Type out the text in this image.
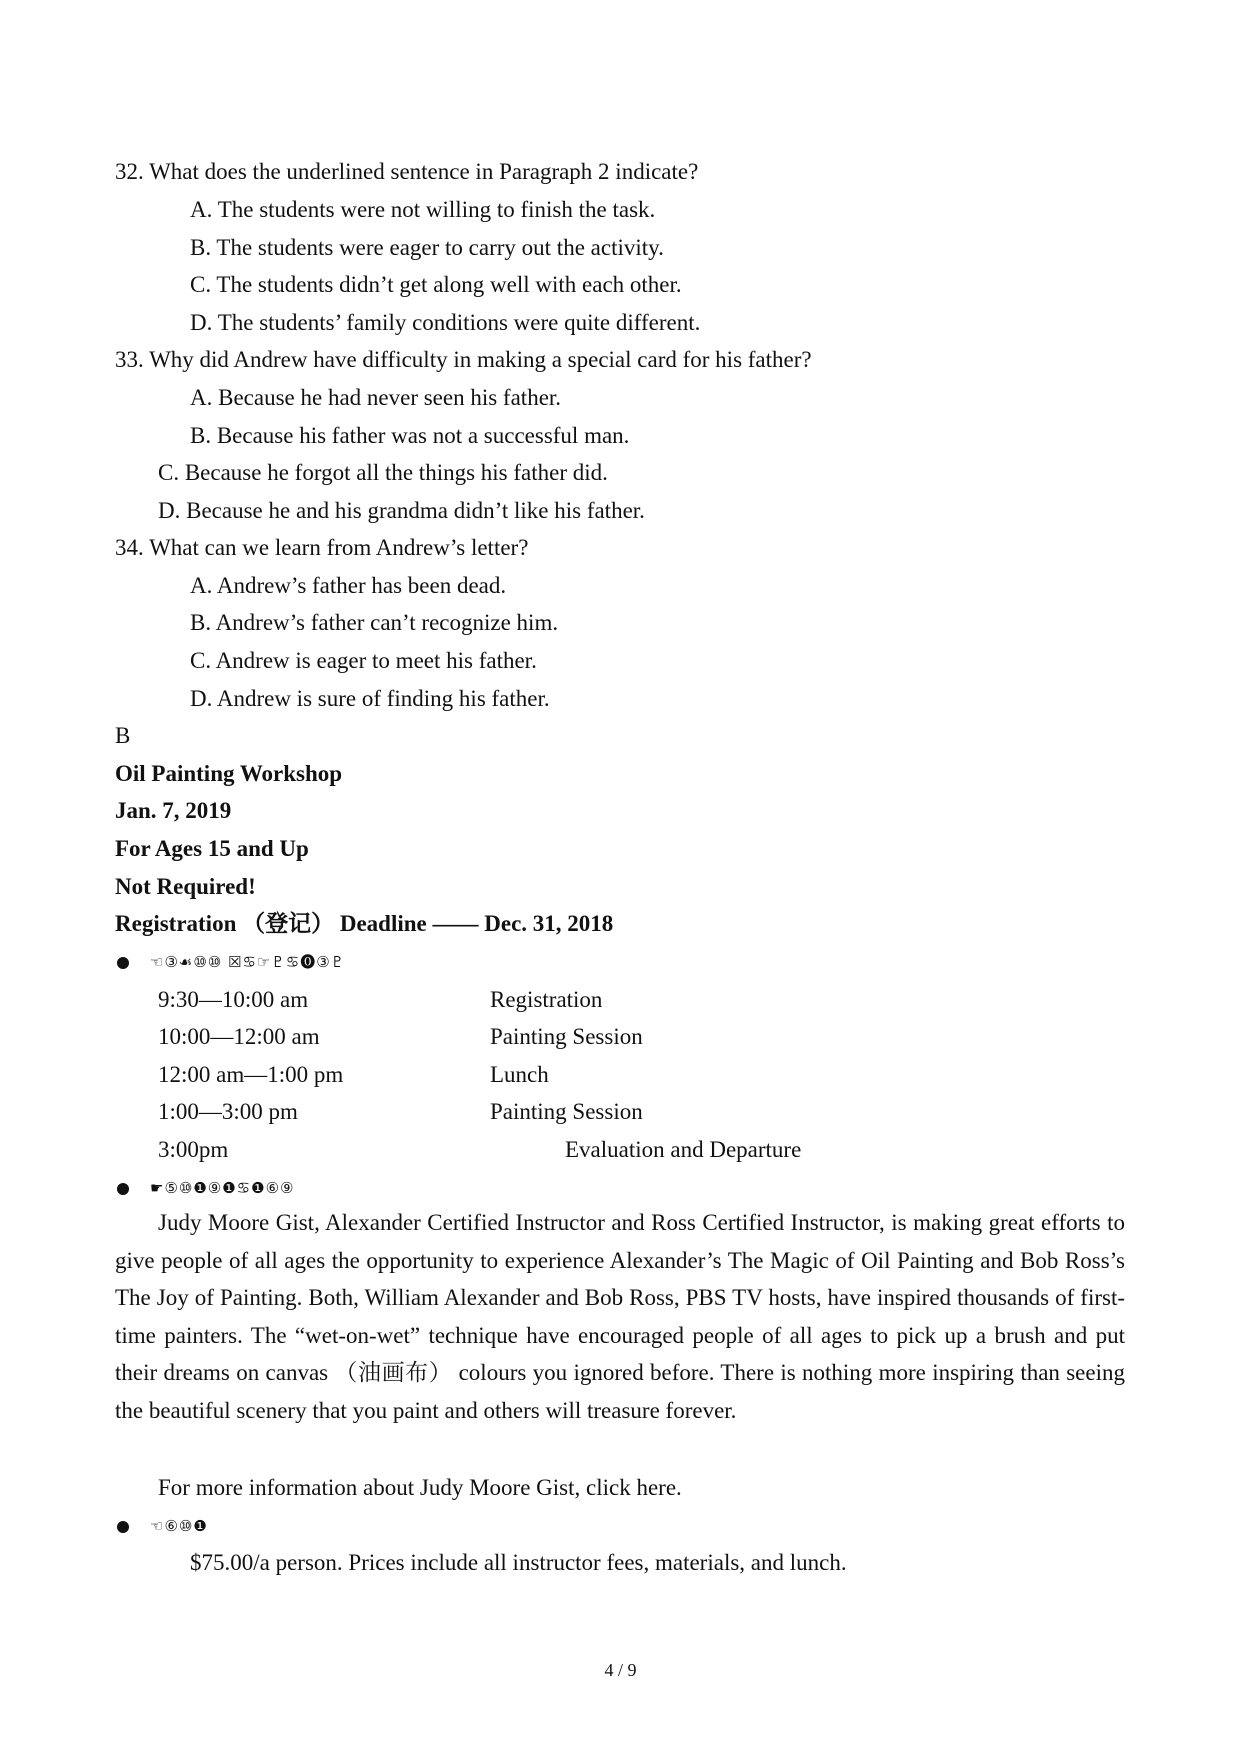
32. What does the underlined sentence in Paragraph 2 indicate?
A. The students were not willing to finish the task.
B. The students were eager to carry out the activity.
C. The students didn’t get along well with each other.
D. The students’ family conditions were quite different.
33. Why did Andrew have difficulty in making a special card for his father?
A. Because he had never seen his father.
B. Because his father was not a successful man.
C. Because he forgot all the things his father did.
D. Because he and his grandma didn’t like his father.
34. What can we learn from Andrew’s letter?
A. Andrew’s father has been dead.
B. Andrew’s father can’t recognize him.
C. Andrew is eager to meet his father.
D. Andrew is sure of finding his father.
B
Oil Painting Workshop
Jan. 7, 2019
For Ages 15 and Up
Not Required!
Registration （登记） Deadline —— Dec. 31, 2018
☜③☙⑩⑩ ☒♋☞♇♋⓿③♇
9:30—10:00 am	Registration
10:00—12:00 am	Painting Session
12:00 am—1:00 pm	Lunch
1:00—3:00 pm	Painting Session
3:00pm	Evaluation and Departure
☛⑤⑩❶⑨❶♋❶⑥⑨
Judy Moore Gist, Alexander Certified Instructor and Ross Certified Instructor, is making great efforts to give people of all ages the opportunity to experience Alexander’s The Magic of Oil Painting and Bob Ross’s The Joy of Painting. Both, William Alexander and Bob Ross, PBS TV hosts, have inspired thousands of first-time painters. The “wet-on-wet” technique have encouraged people of all ages to pick up a brush and put their dreams on canvas （油画布） colours you ignored before. There is nothing more inspiring than seeing the beautiful scenery that you paint and others will treasure forever.
For more information about Judy Moore Gist, click here.
☜⑥⑩❶
$75.00/a person. Prices include all instructor fees, materials, and lunch.
4 / 9
